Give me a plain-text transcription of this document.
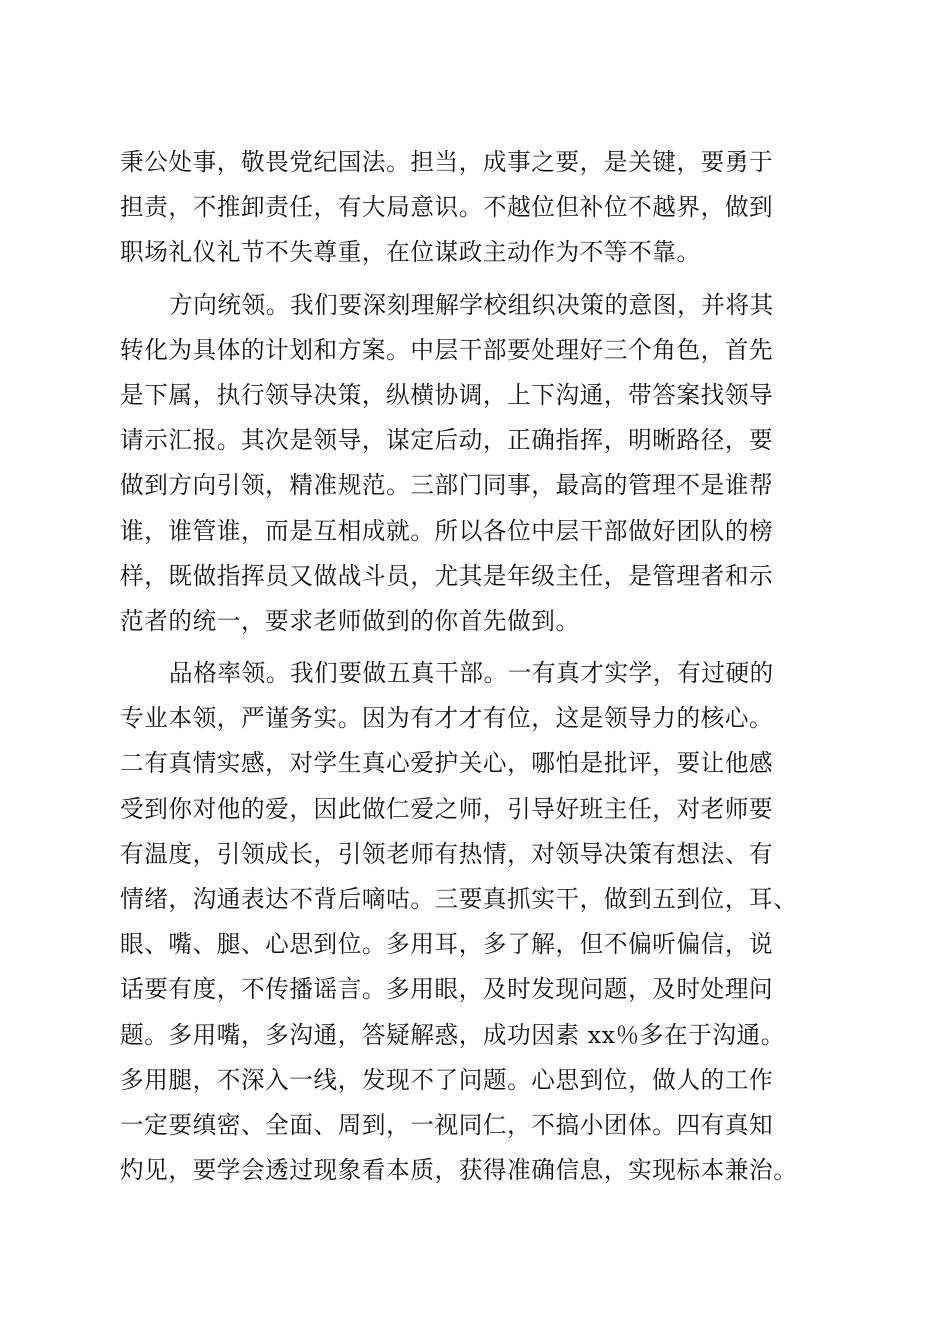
秉公处事，敬畏党纪国法。担当，成事之要，是关键，要勇于
担责，不推卸责任，有大局意识。不越位但补位不越界，做到
职场礼仪礼节不失尊重，在位谋政主动作为不等不靠。
方向统领。我们要深刻理解学校组织决策的意图，并将其
转化为具体的计划和方案。中层干部要处理好三个角色，首先
是下属，执行领导决策，纵横协调，上下沟通，带答案找领导
请示汇报。其次是领导，谋定后动，正确指挥，明晰路径，要
做到方向引领，精准规范。三部门同事，最高的管理不是谁帮
谁，谁管谁，而是互相成就。所以各位中层干部做好团队的榜
样，既做指挥员又做战斗员，尤其是年级主任，是管理者和示
范者的统一，要求老师做到的你首先做到。
品格率领。我们要做五真干部。一有真才实学，有过硬的
专业本领，严谨务实。因为有才才有位，这是领导力的核心。
二有真情实感，对学生真心爱护关心，哪怕是批评，要让他感
受到你对他的爱，因此做仁爱之师，引导好班主任，对老师要
有温度，引领成长，引领老师有热情，对领导决策有想法、有
情绪，沟通表达不背后嘀咕。三要真抓实干，做到五到位，耳、
眼、嘴、腿、心思到位。多用耳，多了解，但不偏听偏信，说
话要有度，不传播谣言。多用眼，及时发现问题，及时处理问
题。多用嘴，多沟通，答疑解惑，成功因素 xx％多在于沟通。
多用腿，不深入一线，发现不了问题。心思到位，做人的工作
一定要缜密、全面、周到，一视同仁，不搞小团体。四有真知
灼见，要学会透过现象看本质，获得准确信息，实现标本兼治。
